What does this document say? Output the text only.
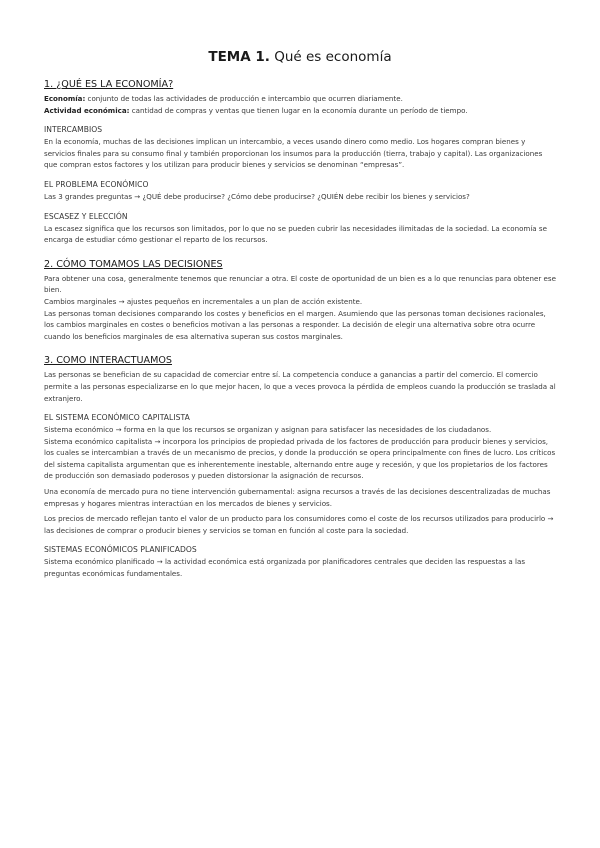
TEMA 1. Qué es economía
1. ¿QUÉ ES LA ECONOMÍA?

Economía: conjunto de todas las actividades de producción e intercambio que ocurren diariamente.

Actividad económica: cantidad de compras y ventas que tienen lugar en la economía durante un período de tiempo.

INTERCAMBIOS

En la economía, muchas de las decisiones implican un intercambio, a veces usando dinero como medio. Los hogares compran bienes y servicios finales para su consumo final y también proporcionan los insumos para la producción (tierra, trabajo y capital). Las organizaciones que compran estos factores y los utilizan para producir bienes y servicios se denominan “empresas”.

EL PROBLEMA ECONÓMICO

Las 3 grandes preguntas → ¿QUÉ debe producirse? ¿Cómo debe producirse? ¿QUIÉN debe recibir los bienes y servicios?

ESCASEZ Y ELECCIÓN

La escasez significa que los recursos son limitados, por lo que no se pueden cubrir las necesidades ilimitadas de la sociedad. La economía se encarga de estudiar cómo gestionar el reparto de los recursos.

2. CÓMO TOMAMOS LAS DECISIONES

Para obtener una cosa, generalmente tenemos que renunciar a otra. El coste de oportunidad de un bien es a lo que renuncias para obtener ese bien.

Cambios marginales → ajustes pequeños en incrementales a un plan de acción existente.

Las personas toman decisiones comparando los costes y beneficios en el margen. Asumiendo que las personas toman decisiones racionales, los cambios marginales en costes o beneficios motivan a las personas a responder. La decisión de elegir una alternativa sobre otra ocurre cuando los beneficios marginales de esa alternativa superan sus costos marginales.

3. COMO INTERACTUAMOS

Las personas se benefician de su capacidad de comerciar entre sí. La competencia conduce a ganancias a partir del comercio. El comercio permite a las personas especializarse en lo que mejor hacen, lo que a veces provoca la pérdida de empleos cuando la producción se traslada al extranjero.

EL SISTEMA ECONÓMICO CAPITALISTA

Sistema económico → forma en la que los recursos se organizan y asignan para satisfacer las necesidades de los ciudadanos.

Sistema económico capitalista → incorpora los principios de propiedad privada de los factores de producción para producir bienes y servicios, los cuales se intercambian a través de un mecanismo de precios, y donde la producción se opera principalmente con fines de lucro. Los críticos del sistema capitalista argumentan que es inherentemente inestable, alternando entre auge y recesión, y que los propietarios de los factores de producción son demasiado poderosos y pueden distorsionar la asignación de recursos.

Una economía de mercado pura no tiene intervención gubernamental: asigna recursos a través de las decisiones descentralizadas de muchas empresas y hogares mientras interactúan en los mercados de bienes y servicios.

Los precios de mercado reflejan tanto el valor de un producto para los consumidores como el coste de los recursos utilizados para producirlo → las decisiones de comprar o producir bienes y servicios se toman en función al coste para la sociedad.

SISTEMAS ECONÓMICOS PLANIFICADOS

Sistema económico planificado → la actividad económica está organizada por planificadores centrales que deciden las respuestas a las preguntas económicas fundamentales.
